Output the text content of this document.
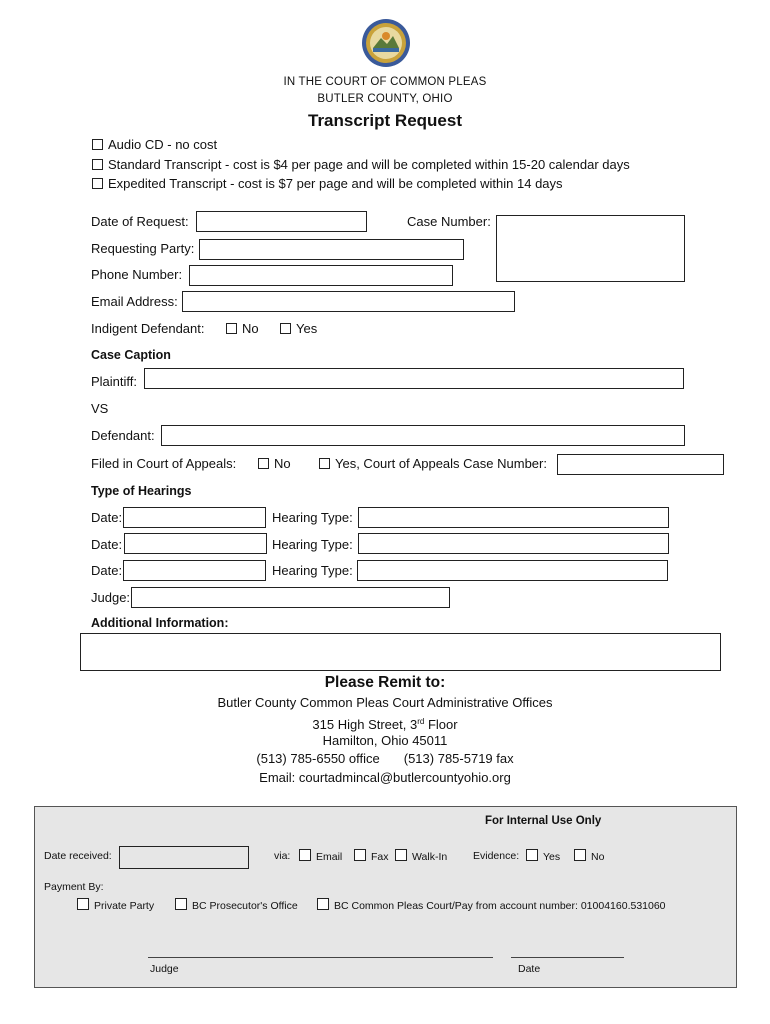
IN THE COURT OF COMMON PLEAS
BUTLER COUNTY, OHIO
Transcript Request
Audio CD - no cost
Standard Transcript - cost is $4 per page and will be completed within 15-20 calendar days
Expedited Transcript - cost is $7 per page and will be completed within 14 days
Date of Request:	Case Number:
Requesting Party:
Phone Number:
Email Address:
Indigent Defendant:	No	Yes
Case Caption
Plaintiff:
VS
Defendant:
Filed in Court of Appeals:	No	Yes, Court of Appeals Case Number:
Type of Hearings
Date:	Hearing Type:
Date:	Hearing Type:
Date:	Hearing Type:
Judge:
Additional Information:
Please Remit to:
Butler County Common Pleas Court Administrative Offices
315 High Street, 3rd Floor
Hamilton, Ohio 45011
(513) 785-6550 office (513) 785-5719 fax
Email: courtadmincal@butlercountyohio.org
For Internal Use Only
Date received:	via:	Email	Fax	Walk-In Evidence:	Yes	No
Payment By:
Private Party	BC Prosecutor's Office	BC Common Pleas Court/Pay from account number: 01004160.531060
Judge	Date
